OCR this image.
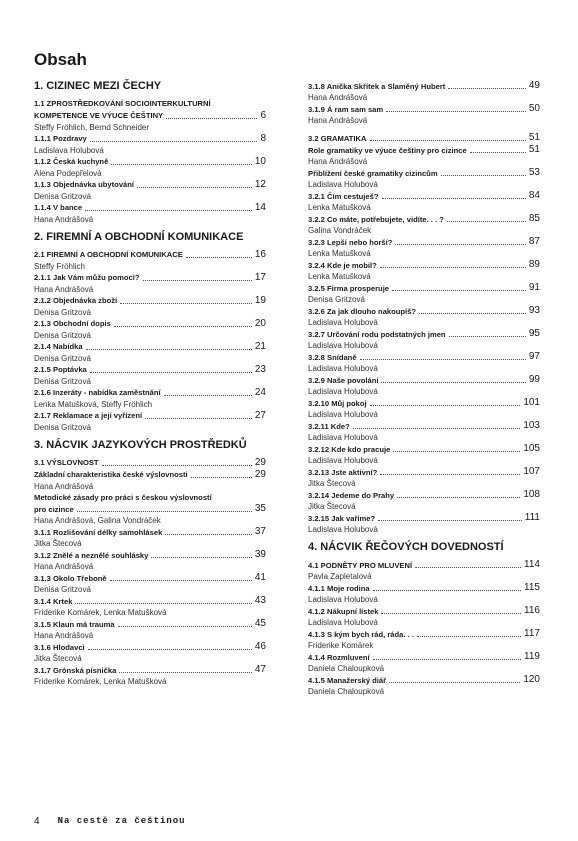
Obsah
1. CIZINEC MEZI ČECHY
1.1 ZPROSTŘEDKOVÁNÍ SOCIOINTERKULTURNÍ
KOMPETENCE VE VÝUCE ČEŠTINY	6
Steffy Fröhlich, Bernd Schneider
1.1.1 Pozdravy	8
Ladislava Holubová
1.1.2 Česká kuchyně	10
Alena Podepřelová
1.1.3 Objednávka ubytování	12
Denisa Gritzová
1.1.4 V bance	14
Hana Andrášová
2. FIREMNÍ A OBCHODNÍ KOMUNIKACE
2.1 FIREMNÍ A OBCHODNÍ KOMUNIKACE	16
Steffy Fröhlich
2.1.1 Jak Vám můžu pomoci?	17
Hana Andrášová
2.1.2 Objednávka zboží	19
Denisa Gritzová
2.1.3 Obchodní dopis	20
Denisa Gritzová
2.1.4 Nabídka	21
Denisa Gritzová
2.1.5 Poptávka	23
Denisa Gritzová
2.1.6 Inzeráty - nabídka zaměstnání	24
Lenka Matušková, Steffy Fröhlich
2.1.7 Reklamace a její vyřízení	27
Denisa Gritzová
3. NÁCVIK JAZYKOVÝCH PROSTŘEDKŮ
3.1 VÝSLOVNOST	29
Základní charakteristika české výslovnosti	29
Hana Andrášová
Metodické zásady pro práci s českou výslovností
pro cizince	35
Hana Andrášová, Galina Vondráček
3.1.1 Rozlišování délky samohlásek	37
Jitka Štecová
3.1.2 Znělé a neznělé souhlásky	39
Hana Andrášová
3.1.3 Okolo Třeboně	41
Denisa Gritzová
3.1.4 Krtek	43
Friderike Komárek, Lenka Matušková
3.1.5 Klaun má trauma	45
Hana Andrášová
3.1.6 Hlodavci	46
Jitka Štecová
3.1.7 Grónská písnička	47
Friderike Komárek, Lenka Matušková
3.1.8 Anička Skřítek a Slaměný Hubert	49
Hana Andrášová
3.1.9 Á ram sam sam	50
Hana Andrášová
3.2 GRAMATIKA	51
Role gramatiky ve výuce češtiny pro cizince	51
Hana Andrášová
Přiblížení české gramatiky cizincům	53
Ladislava Holubová
3.2.1 Čím cestuješ?	84
Lenka Matušková
3.2.2 Co máte, potřebujete, vidíte. . . ?	85
Galina Vondráček
3.2.3 Lepší nebo horší?	87
Lenka Matušková
3.2.4 Kde je mobil?	89
Lenka Matušková
3.2.5 Firma prosperuje	91
Denisa Gritzová
3.2.6 Za jak dlouho nakoupíš?	93
Ladislava Holubová
3.2.7 Určování rodu podstatných jmen	95
Ladislava Holubová
3.2.8 Snídaně	97
Ladislava Holubová
3.2.9 Naše povolání	99
Ladislava Holubová
3.2.10 Můj pokoj	101
Ladislava Holubová
3.2.11 Kde?	103
Ladislava Holubová
3.2.12 Kde kdo pracuje	105
Ladislava Holubová
3.2.13 Jste aktivní?	107
Jitka Štecová
3.2.14 Jedeme do Prahy	108
Jitka Štecová
3.2.15 Jak vaříme?	111
Ladislava Holubová
4. NÁCVIK ŘEČOVÝCH DOVEDNOSTÍ
4.1 PODNĚTY PRO MLUVENÍ	114
Pavla Zapletalová
4.1.1 Moje rodina	115
Ladislava Holubová
4.1.2 Nákupní lístek	116
Ladislava Holubová
4.1.3 S kým bych rád, ráda. . .	117
Friderike Komárek
4.1.4 Rozmluvení	119
Daniela Chaloupková
4.1.5 Manažerský diář	120
Daniela Chaloupková
4 Na cestě za češtinou
